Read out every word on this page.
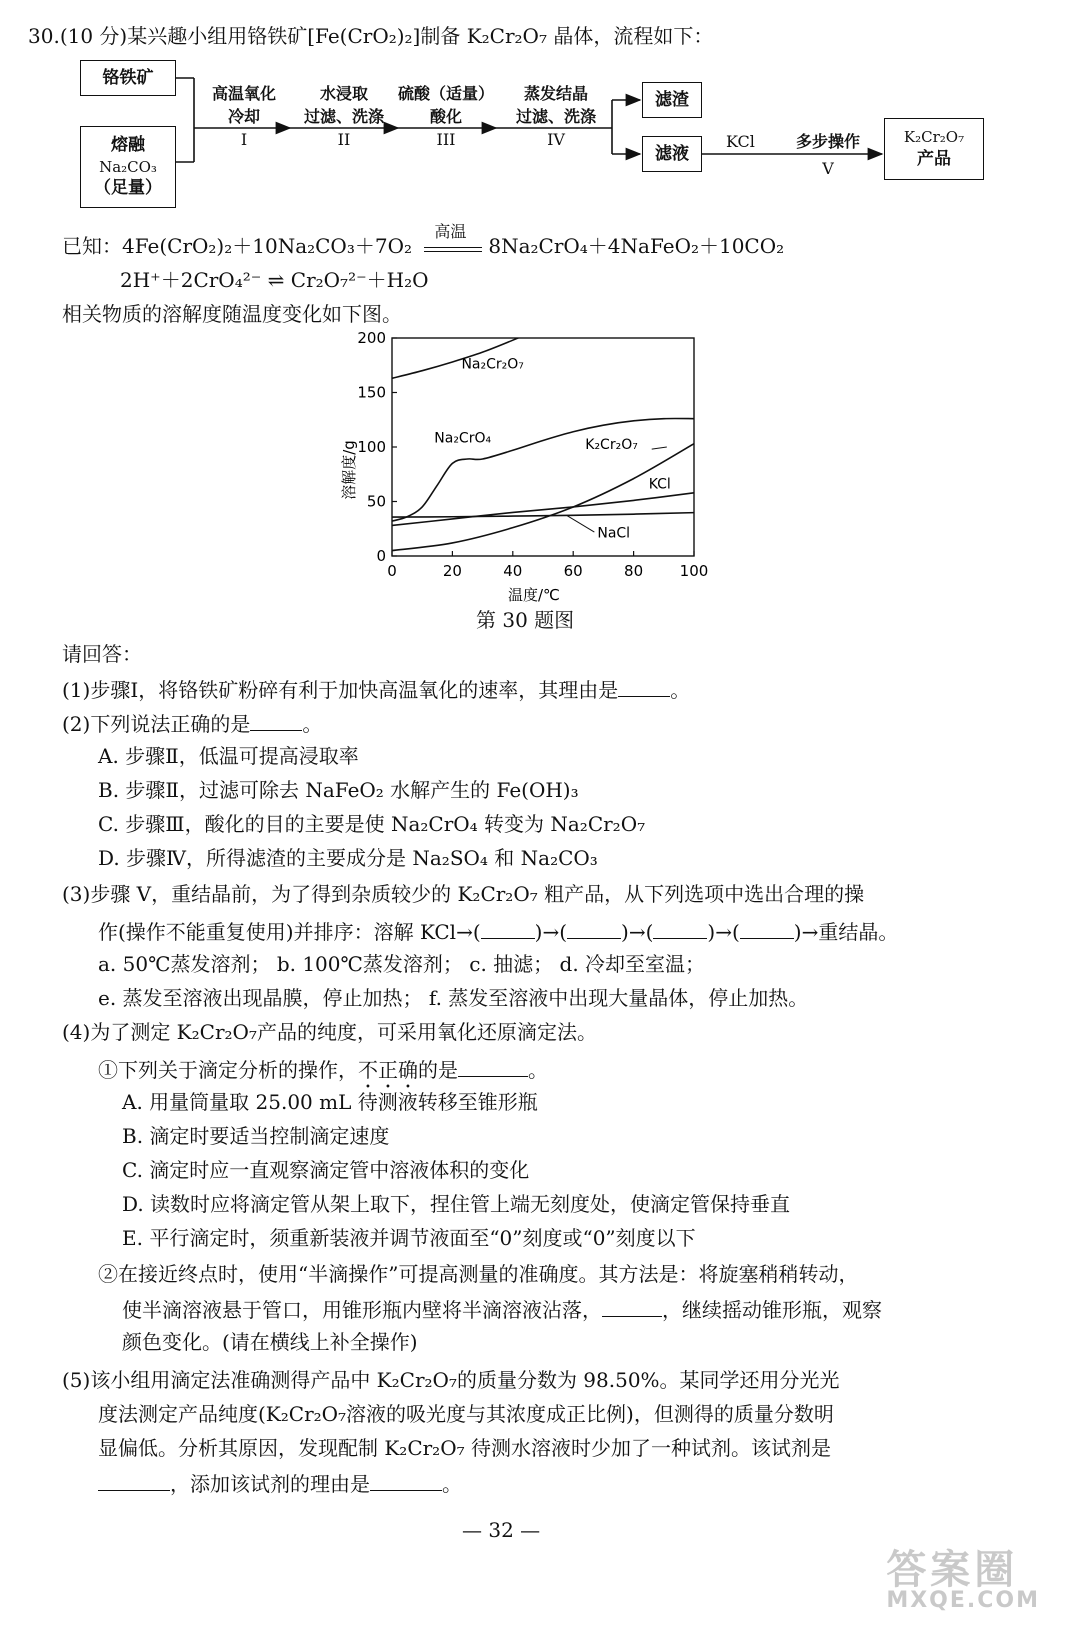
30.(10 分)某兴趣小组用铬铁矿[Fe(CrO₂)₂]制备 K₂Cr₂O₇ 晶体，流程如下：
铬铁矿
熔融
Na₂CO₃
（足量）
高温氧化
冷却
I
水浸取
过滤、洗涤
II
硫酸（适量）
酸化
III
蒸发结晶
过滤、洗涤
IV
滤渣
滤液
KCl	多步操作
V
K₂Cr₂O₇
产品
已知：4Fe(CrO₂)₂＋10Na₂CO₃＋7O₂
高温
8Na₂CrO₄＋4NaFeO₂＋10CO₂
2H⁺＋2CrO₄²⁻ ⇌ Cr₂O₇²⁻＋H₂O
相关物质的溶解度随温度变化如下图。
0	20	40	60	80 100
0
50
100
150
200
Na₂Cr₂O₇
Na₂CrO₄	K₂Cr₂O₇
KCl
NaCl
温度/℃
溶解度/g
第 30 题图
请回答：
(1)步骤Ⅰ，将铬铁矿粉碎有利于加快高温氧化的速率，其理由是	。
(2)下列说法正确的是	。
A. 步骤Ⅱ，低温可提高浸取率
B. 步骤Ⅱ，过滤可除去 NaFeO₂ 水解产生的 Fe(OH)₃
C. 步骤Ⅲ，酸化的目的主要是使 Na₂CrO₄ 转变为 Na₂Cr₂O₇
D. 步骤Ⅳ，所得滤渣的主要成分是 Na₂SO₄ 和 Na₂CO₃
(3)步骤 V，重结晶前，为了得到杂质较少的 K₂Cr₂O₇ 粗产品，从下列选项中选出合理的操
作(操作不能重复使用)并排序：溶解 KCl→(	)→(	)→(	)→(	)→重结晶。
a. 50℃蒸发溶剂； b. 100℃蒸发溶剂； c. 抽滤； d. 冷却至室温；
e. 蒸发至溶液出现晶膜，停止加热； f. 蒸发至溶液中出现大量晶体，停止加热。
(4)为了测定 K₂Cr₂O₇产品的纯度，可采用氧化还原滴定法。
①下列关于滴定分析的操作，不正确的是	。
A. 用量筒量取 25.00 mL 待测液转移至锥形瓶
B. 滴定时要适当控制滴定速度
C. 滴定时应一直观察滴定管中溶液体积的变化
D. 读数时应将滴定管从架上取下，捏住管上端无刻度处，使滴定管保持垂直
E. 平行滴定时，须重新装液并调节液面至“0”刻度或“0”刻度以下
②在接近终点时，使用“半滴操作”可提高测量的准确度。其方法是：将旋塞稍稍转动，
使半滴溶液悬于管口，用锥形瓶内壁将半滴溶液沾落，	，继续摇动锥形瓶，观察
颜色变化。(请在横线上补全操作)
(5)该小组用滴定法准确测得产品中 K₂Cr₂O₇的质量分数为 98.50%。某同学还用分光光
度法测定产品纯度(K₂Cr₂O₇溶液的吸光度与其浓度成正比例)，但测得的质量分数明
显偏低。分析其原因，发现配制 K₂Cr₂O₇ 待测水溶液时少加了一种试剂。该试剂是
，添加该试剂的理由是	。
— 32 —
答案圈
MXQE.COM
